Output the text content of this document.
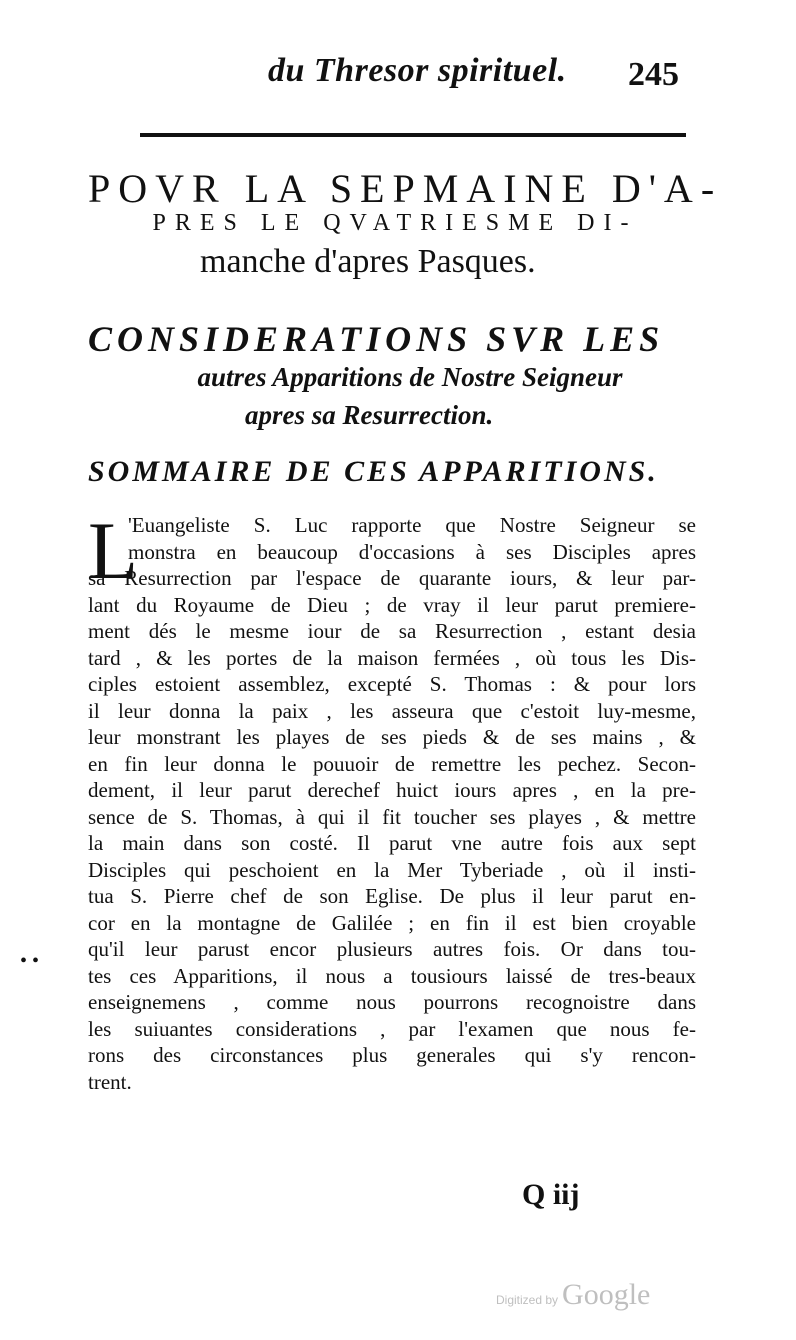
du Thresor spirituel. 245
POVR LA SEPMAINE D'A-
PRES LE QVATRIESME DI-
manche d'apres Pasques.
CONSIDERATIONS SVR LES
autres Apparitions de Nostre Seigneur
apres sa Resurrection.
SOMMAIRE DE CES APPARITIONS.
• •
L
'Euangeliste S. Luc rapporte que Nostre Seigneur se
monstra en beaucoup d'occasions à ses Disciples apres
sa Resurrection par l'espace de quarante iours, & leur par-
lant du Royaume de Dieu ; de vray il leur parut premiere-
ment dés le mesme iour de sa Resurrection , estant desia
tard , & les portes de la maison fermées , où tous les Dis-
ciples estoient assemblez, excepté S. Thomas : & pour lors
il leur donna la paix , les asseura que c'estoit luy-mesme,
leur monstrant les playes de ses pieds & de ses mains , &
en fin leur donna le pouuoir de remettre les pechez. Secon-
dement, il leur parut derechef huict iours apres , en la pre-
sence de S. Thomas, à qui il fit toucher ses playes , & mettre
la main dans son costé. Il parut vne autre fois aux sept
Disciples qui peschoient en la Mer Tyberiade , où il insti-
tua S. Pierre chef de son Eglise. De plus il leur parut en-
cor en la montagne de Galilée ; en fin il est bien croyable
qu'il leur parust encor plusieurs autres fois. Or dans tou-
tes ces Apparitions, il nous a tousiours laissé de tres-beaux
enseignemens , comme nous pourrons recognoistre dans
les suiuantes considerations , par l'examen que nous fe-
rons des circonstances plus generales qui s'y rencon-
trent.
Q iij
Digitized by Google
